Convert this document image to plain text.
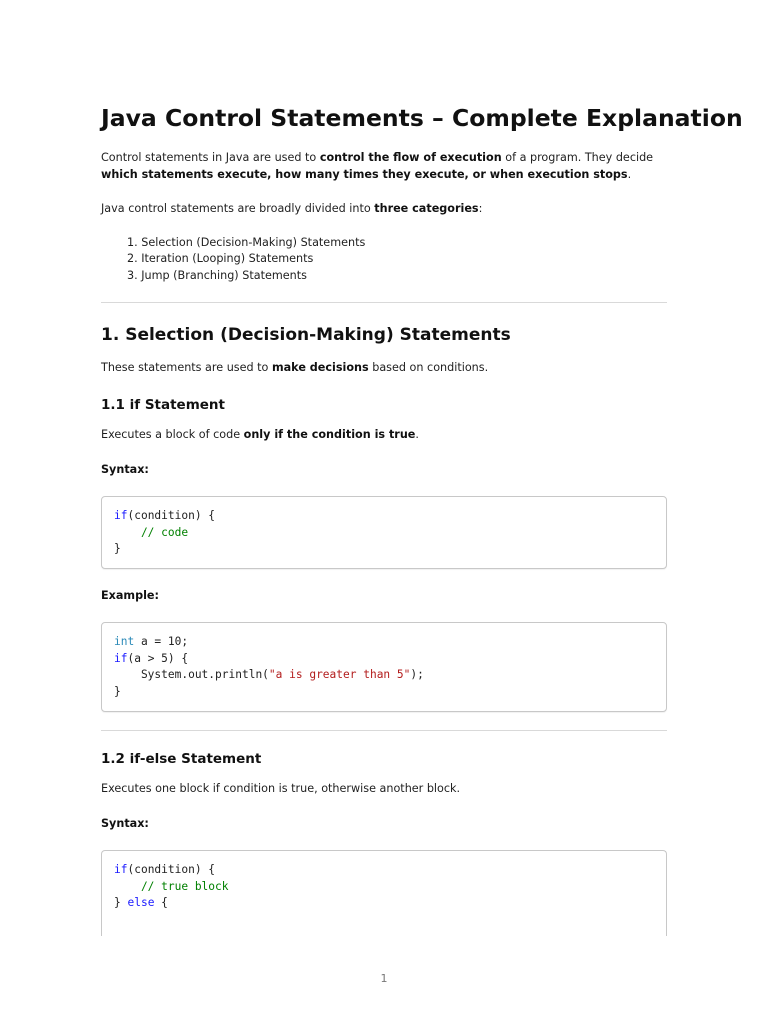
Java Control Statements – Complete Explanation

Control statements in Java are used to control the flow of execution of a program. They decide which statements execute, how many times they execute, or when execution stops.

Java control statements are broadly divided into three categories:

1. Selection (Decision-Making) Statements
2. Iteration (Looping) Statements
3. Jump (Branching) Statements
1. Selection (Decision-Making) Statements

These statements are used to make decisions based on conditions.

1.1 if Statement

Executes a block of code only if the condition is true.

Syntax:

if(condition) {
// code
}

Example:

int a = 10;
if(a > 5) {
System.out.println("a is greater than 5");
}
1.2 if-else Statement

Executes one block if condition is true, otherwise another block.

Syntax:

if(condition) {
// true block
} else {
1
